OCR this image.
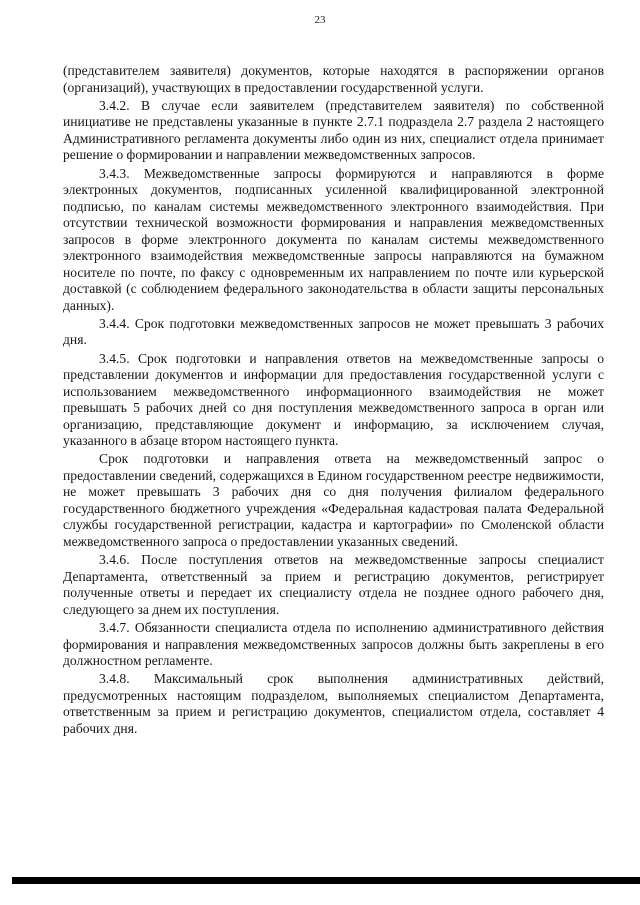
23

(представителем заявителя) документов, которые находятся в распоряжении органов (организаций), участвующих в предоставлении государственной услуги.

3.4.2. В случае если заявителем (представителем заявителя) по собственной инициативе не представлены указанные в пункте 2.7.1 подраздела 2.7 раздела 2 настоящего Административного регламента документы либо один из них, специалист отдела принимает решение о формировании и направлении межведомственных запросов.

3.4.3. Межведомственные запросы формируются и направляются в форме электронных документов, подписанных усиленной квалифицированной электронной подписью, по каналам системы межведомственного электронного взаимодействия. При отсутствии технической возможности формирования и направления межведомственных запросов в форме электронного документа по каналам системы межведомственного электронного взаимодействия межведомственные запросы направляются на бумажном носителе по почте, по факсу с одновременным их направлением по почте или курьерской доставкой (с соблюдением федерального законодательства в области защиты персональных данных).

3.4.4. Срок подготовки межведомственных запросов не может превышать 3 рабочих дня.

3.4.5. Срок подготовки и направления ответов на межведомственные запросы о представлении документов и информации для предоставления государственной услуги с использованием межведомственного информационного взаимодействия не может превышать 5 рабочих дней со дня поступления межведомственного запроса в орган или организацию, представляющие документ и информацию, за исключением случая, указанного в абзаце втором настоящего пункта.

Срок подготовки и направления ответа на межведомственный запрос о предоставлении сведений, содержащихся в Едином государственном реестре недвижимости, не может превышать 3 рабочих дня со дня получения филиалом федерального государственного бюджетного учреждения «Федеральная кадастровая палата Федеральной службы государственной регистрации, кадастра и картографии» по Смоленской области межведомственного запроса о предоставлении указанных сведений.

3.4.6. После поступления ответов на межведомственные запросы специалист Департамента, ответственный за прием и регистрацию документов, регистрирует полученные ответы и передает их специалисту отдела не позднее одного рабочего дня, следующего за днем их поступления.

3.4.7. Обязанности специалиста отдела по исполнению административного действия формирования и направления межведомственных запросов должны быть закреплены в его должностном регламенте.

3.4.8. Максимальный срок выполнения административных действий, предусмотренных настоящим подразделом, выполняемых специалистом Департамента, ответственным за прием и регистрацию документов, специалистом отдела, составляет 4 рабочих дня.
